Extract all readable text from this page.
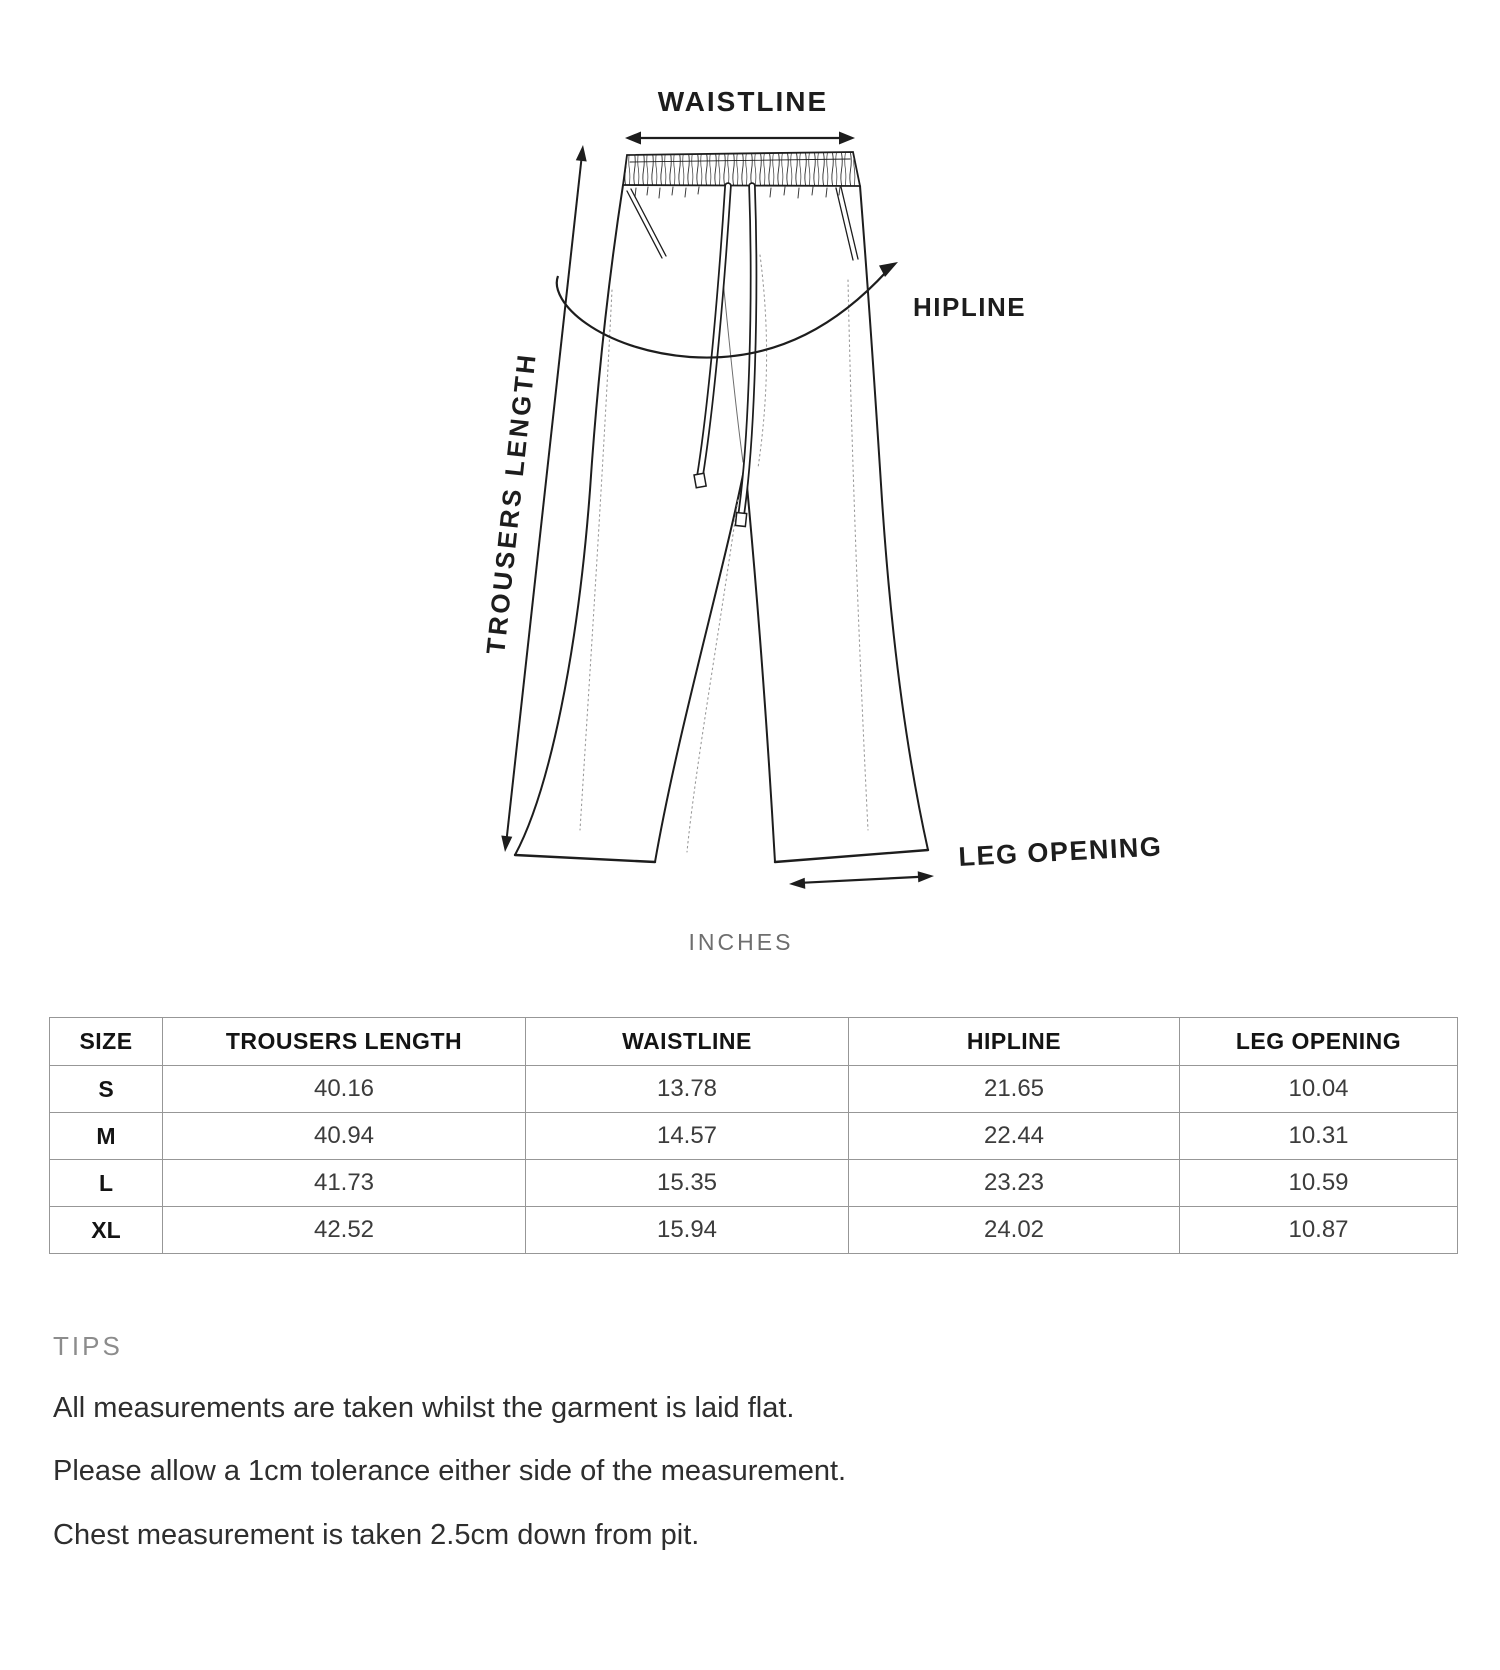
WAISTLINE
HIPLINE
TROUSERS LENGTH
LEG OPENING
INCHES
SIZE	TROUSERS LENGTH	WAISTLINE	HIPLINE	LEG OPENING
S	40.16	13.78	21.65	10.04
M	40.94	14.57	22.44	10.31
L	41.73	15.35	23.23	10.59
XL	42.52	15.94	24.02	10.87
TIPS
All measurements are taken whilst the garment is laid flat.
Please allow a 1cm tolerance either side of the measurement.
Chest measurement is taken 2.5cm down from pit.
